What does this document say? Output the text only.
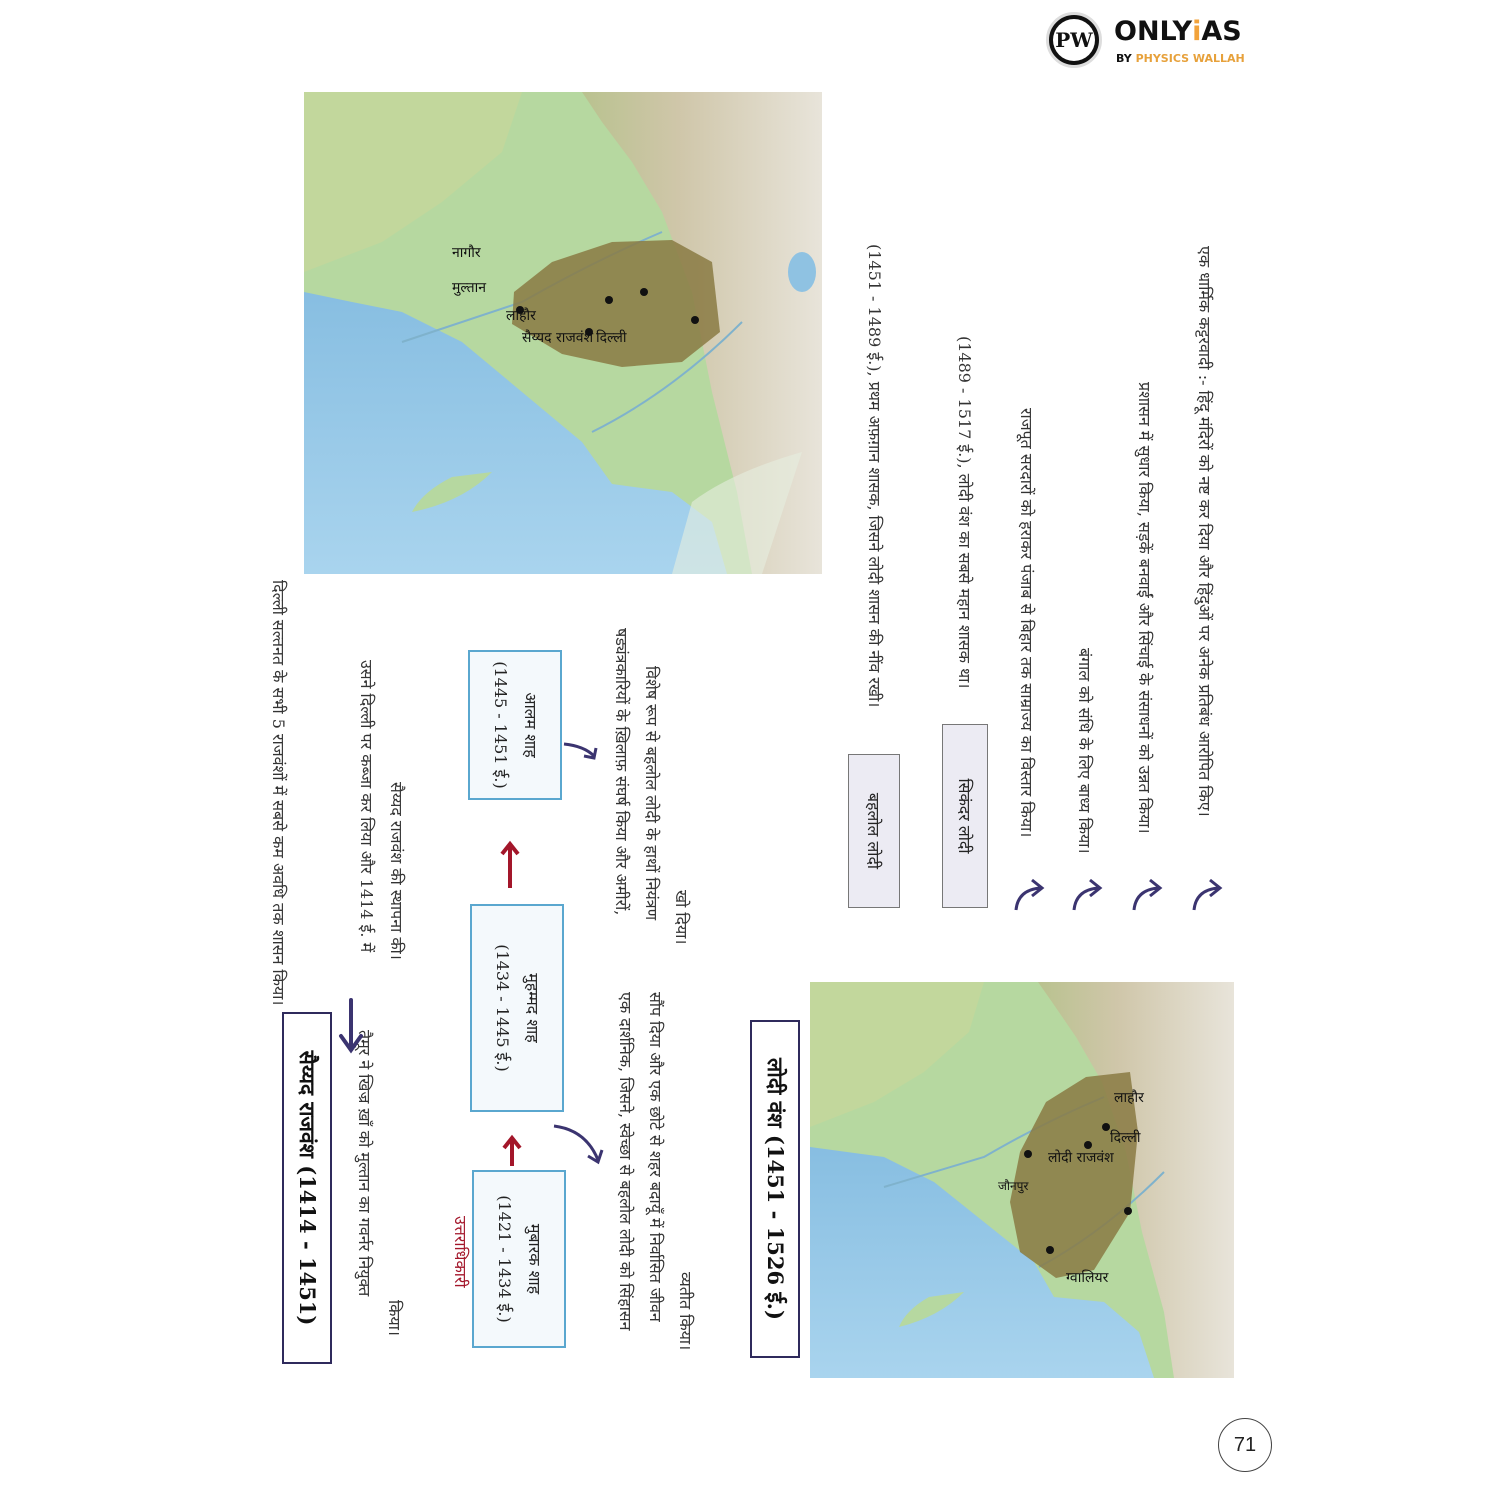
PW ONLYiAS
BY PHYSICS WALLAH
दिल्ली सल्तनत के सभी 5 राजवंशों में सबसे कम अवधि तक शासन किया।
दिल्ली
लाहौर
सैय्यद राजवंश
नागौर
मुल्तान
सैय्यद राजवंश (1414 - 1451)	तैमूर ने खिज्र ख़ाँ को मुल्तान का गवर्नर नियुक्त
किया।
उसने दिल्ली पर कब्जा कर लिया और 1414 ई. में सैय्यद राजवंश की स्थापना की।
उत्तराधिकारी	मुबारक शाह
(1421 - 1434 ई.)
मुहम्मद शाह
(1434 - 1445 ई.)
आलम शाह
(1445 - 1451 ई.)
एक दार्शनिक, जिसने, स्वेच्छा से बहलोल लोदी को सिंहासन सौंप दिया और एक छोटे से शहर बदायूँ में निर्वासित जीवन व्यतीत किया।
षड्यंत्रकारियों के ख़िलाफ़ संघर्ष किया और अमीरों, विशेष रूप से बहलोल लोदी के हाथों नियंत्रण खो दिया।
लोदी वंश (1451 - 1526 ई.)	लाहौर
दिल्ली
लोदी राजवंश
ग्वालियर
जौनपुर
बहलोल लोदी
(1451 - 1489 ई.), प्रथम अफ़ग़ान शासक, जिसने लोदी शासन की नींव रखी।
सिकंदर लोदी
(1489 - 1517 ई.), लोदी वंश का सबसे महान शासक था।	राजपूत सरदारों को हराकर पंजाब से बिहार तक साम्राज्य का विस्तार किया। बंगाल को संधि के लिए बाध्य किया।	प्रशासन में सुधार किया, सड़कें बनवाईं और सिंचाई के संसाधनों को उन्नत किया।	एक धार्मिक कट्टरवादी :- हिंदू मंदिरों को नष्ट कर दिया और हिंदुओं पर अनेक प्रतिबंध आरोपित किए।
71
